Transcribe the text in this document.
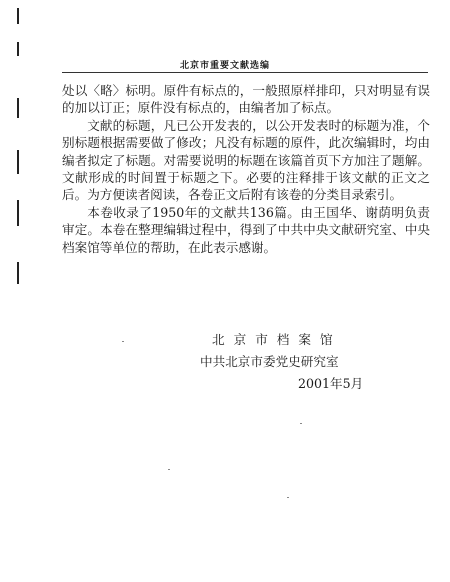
北京市重要文献选编

处以〈略〉标明。原件有标点的，一般照原样排印，只对明显有误的加以订正；原件没有标点的，由编者加了标点。

文献的标题，凡已公开发表的，以公开发表时的标题为准，个别标题根据需要做了修改；凡没有标题的原件，此次编辑时，均由编者拟定了标题。对需要说明的标题在该篇首页下方加注了题解。文献形成的时间置于标题之下。必要的注释排于该文献的正文之后。为方便读者阅读，各卷正文后附有该卷的分类目录索引。

本卷收录了1950年的文献共136篇。由王国华、谢荫明负责审定。本卷在整理编辑过程中，得到了中共中央文献研究室、中央档案馆等单位的帮助，在此表示感谢。

北京市档案馆
中共北京市委党史研究室
2001年5月
